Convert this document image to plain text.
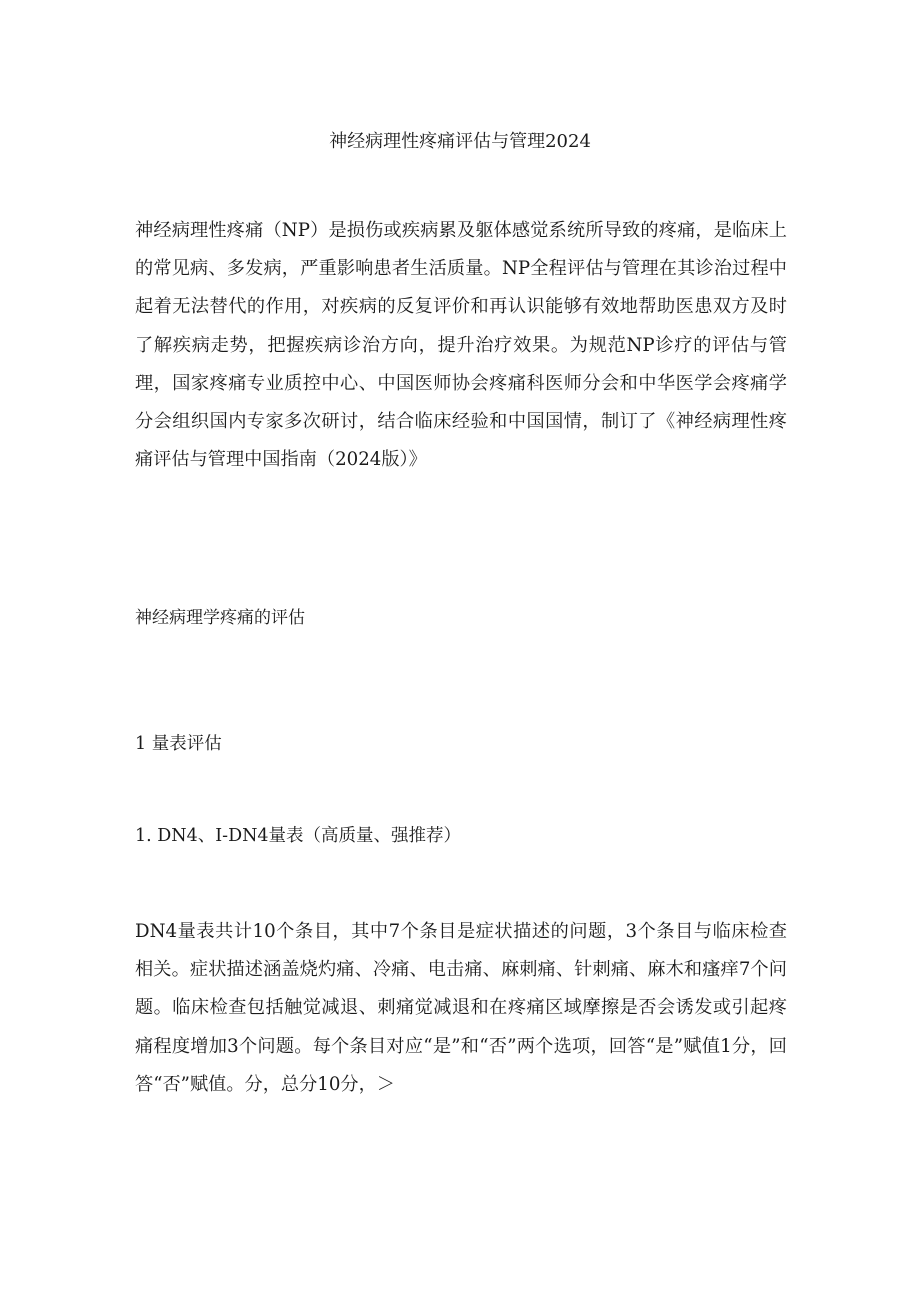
神经病理性疼痛评估与管理2024

神经病理性疼痛（NP）是损伤或疾病累及躯体感觉系统所导致的疼痛，是临床上的常见病、多发病，严重影响患者生活质量。NP全程评估与管理在其诊治过程中起着无法替代的作用，对疾病的反复评价和再认识能够有效地帮助医患双方及时了解疾病走势，把握疾病诊治方向，提升治疗效果。为规范NP诊疗的评估与管理，国家疼痛专业质控中心、中国医师协会疼痛科医师分会和中华医学会疼痛学分会组织国内专家多次研讨，结合临床经验和中国国情，制订了《神经病理性疼痛评估与管理中国指南（2024版）》

神经病理学疼痛的评估
1 量表评估
1. DN4、I-DN4量表（高质量、强推荐）

DN4量表共计10个条目，其中7个条目是症状描述的问题，3个条目与临床检查相关。症状描述涵盖烧灼痛、冷痛、电击痛、麻刺痛、针刺痛、麻木和瘙痒7个问题。临床检查包括触觉减退、刺痛觉减退和在疼痛区域摩擦是否会诱发或引起疼痛程度增加3个问题。每个条目对应“是”和“否”两个选项，回答“是”赋值1分，回答“否”赋值。分，总分10分，＞
